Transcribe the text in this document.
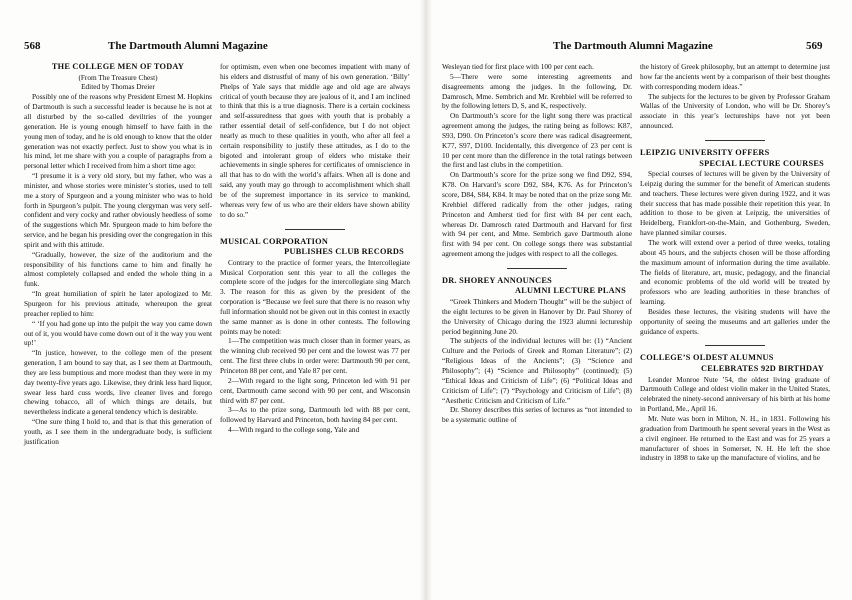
568	The Dartmouth Alumni Magazine
THE COLLEGE MEN OF TODAY

(From The Treasure Chest)

Edited by Thomas Dreier

Possibly one of the reasons why President Ernest M. Hopkins of Dartmouth is such a successful leader is because he is not at all disturbed by the so-called deviltries of the younger generation. He is young enough himself to have faith in the young men of today, and he is old enough to know that the older generation was not exactly perfect. Just to show you what is in his mind, let me share with you a couple of paragraphs from a personal letter which I received from him a short time ago:

“I presume it is a very old story, but my father, who was a minister, and whose stories were minister’s stories, used to tell me a story of Spurgeon and a young minister who was to hold forth in Spurgeon’s pulpit. The young clergyman was very self-confident and very cocky and rather obviously heedless of some of the suggestions which Mr. Spurgeon made to him before the service, and he began his presiding over the congregation in this spirit and with this attitude.

“Gradually, however, the size of the auditorium and the responsibility of his functions came to him and finally he almost completely collapsed and ended the whole thing in a funk.

“In great humiliation of spirit he later apologized to Mr. Spurgeon for his previous attitude, whereupon the great preacher replied to him:

“ ‘If you had gone up into the pulpit the way you came down out of it, you would have come down out of it the way you went up!’

“In justice, however, to the college men of the present generation, I am bound to say that, as I see them at Dartmouth, they are less bumptious and more modest than they were in my day twenty-five years ago. Likewise, they drink less hard liquor, swear less hard cuss words, live cleaner lives and forego chewing tobacco, all of which things are details, but nevertheless indicate a general tendency which is desirable.

“One sure thing I hold to, and that is that this generation of youth, as I see them in the undergraduate body, is sufficient justification

for optimism, even when one becomes impatient with many of his elders and distrustful of many of his own generation. ‘Billy’ Phelps of Yale says that middle age and old age are always critical of youth because they are jealous of it, and I am inclined to think that this is a true diagnosis. There is a certain cockiness and self-assuredness that goes with youth that is probably a rather essential detail of self-confidence, but I do not object nearly as much to these qualities in youth, who after all feel a certain responsibility to justify these attitudes, as I do to the bigoted and intolerant group of elders who mistake their achievements in single spheres for certificates of omniscience in all that has to do with the world’s affairs. When all is done and said, any youth may go through to accomplishment which shall be of the supremest importance in its service to mankind, whereas very few of us who are their elders have shown ability to do so.”

MUSICAL CORPORATION
PUBLISHES CLUB RECORDS

Contrary to the practice of former years, the Intercollegiate Musical Corporation sent this year to all the colleges the complete score of the judges for the intercollegiate sing March 3. The reason for this as given by the president of the corporation is “Because we feel sure that there is no reason why full information should not be given out in this contest in exactly the same manner as is done in other contests. The following points may be noted:

1—The competition was much closer than in former years, as the winning club received 90 per cent and the lowest was 77 per cent. The first three clubs in order were: Dartmouth 90 per cent, Princeton 88 per cent, and Yale 87 per cent.

2—With regard to the light song, Princeton led with 91 per cent, Dartmouth came second with 90 per cent, and Wisconsin third with 87 per cent.

3—As to the prize song, Dartmouth led with 88 per cent, followed by Harvard and Princeton, both having 84 per cent.

4—With regard to the college song, Yale and

The Dartmouth Alumni Magazine	569

Wesleyan tied for first place with 100 per cent each.

5—There were some interesting agreements and disagreements among the judges. In the following, Dr. Damrosch, Mme. Sembrich and Mr. Krehbiel will be referred to by the following letters D, S, and K, respectively.

On Dartmouth’s score for the light song there was practical agreement among the judges, the rating being as follows: K87, S93, D90. On Princeton’s score there was radical disagreement, K77, S97, D100. Incidentally, this divergence of 23 per cent is 10 per cent more than the difference in the total ratings between the first and last clubs in the competition.

On Dartmouth’s score for the prize song we find D92, S94, K78. On Harvard’s score D92, S84, K76. As for Princeton’s score, D84, S84, K84. It may be noted that on the prize song Mr. Krehbiel differed radically from the other judges, rating Princeton and Amherst tied for first with 84 per cent each, whereas Dr. Damrosch rated Dartmouth and Harvard for first with 94 per cent, and Mme. Sembrich gave Dartmouth alone first with 94 per cent. On college songs there was substantial agreement among the judges with respect to all the colleges.

DR. SHOREY ANNOUNCES
ALUMNI LECTURE PLANS

“Greek Thinkers and Modern Thought” will be the subject of the eight lectures to be given in Hanover by Dr. Paul Shorey of the University of Chicago during the 1923 alumni lectureship period beginning June 20.

The subjects of the individual lectures will be: (1) “Ancient Culture and the Periods of Greek and Roman Literature”; (2) “Religious Ideas of the Ancients”; (3) “Science and Philosophy”; (4) “Science and Philosophy” (continued); (5) “Ethical Ideas and Criticism of Life”; (6) “Political Ideas and Criticism of Life”; (7) “Psychology and Criticism of Life”; (8) “Aesthetic Criticism and Criticism of Life.”

Dr. Shorey describes this series of lectures as “not intended to be a systematic outline of

the history of Greek philosophy, but an attempt to determine just how far the ancients went by a comparison of their best thoughts with corresponding modern ideas.”

The subjects for the lectures to be given by Professor Graham Wallas of the University of London, who will be Dr. Shorey’s associate in this year’s lectureships have not yet been announced.

LEIPZIG UNIVERSITY OFFERS
SPECIAL LECTURE COURSES

Special courses of lectures will be given by the University of Leipzig during the summer for the benefit of American students and teachers. These lectures were given during 1922, and it was their success that has made possible their repetition this year. In addition to those to be given at Leipzig, the universities of Heidelberg, Frankfort-on-the-Main, and Gothenburg, Sweden, have planned similar courses.

The work will extend over a period of three weeks, totaling about 45 hours, and the subjects chosen will be those affording the maximum amount of information during the time available. The fields of literature, art, music, pedagogy, and the financial and economic problems of the old world will be treated by professors who are leading authorities in these branches of learning.

Besides these lectures, the visiting students will have the opportunity of seeing the museums and art galleries under the guidance of experts.

COLLEGE’S OLDEST ALUMNUS
CELEBRATES 92D BIRTHDAY

Leander Monroe Nute ’54, the oldest living graduate of Dartmouth College and oldest violin maker in the United States, celebrated the ninety-second anniversary of his birth at his home in Portland, Me., April 16.

Mr. Nute was born in Milton, N. H., in 1831. Following his graduation from Dartmouth he spent several years in the West as a civil engineer. He returned to the East and was for 25 years a manufacturer of shoes in Somerset, N. H. He left the shoe industry in 1898 to take up the manufacture of violins, and he
